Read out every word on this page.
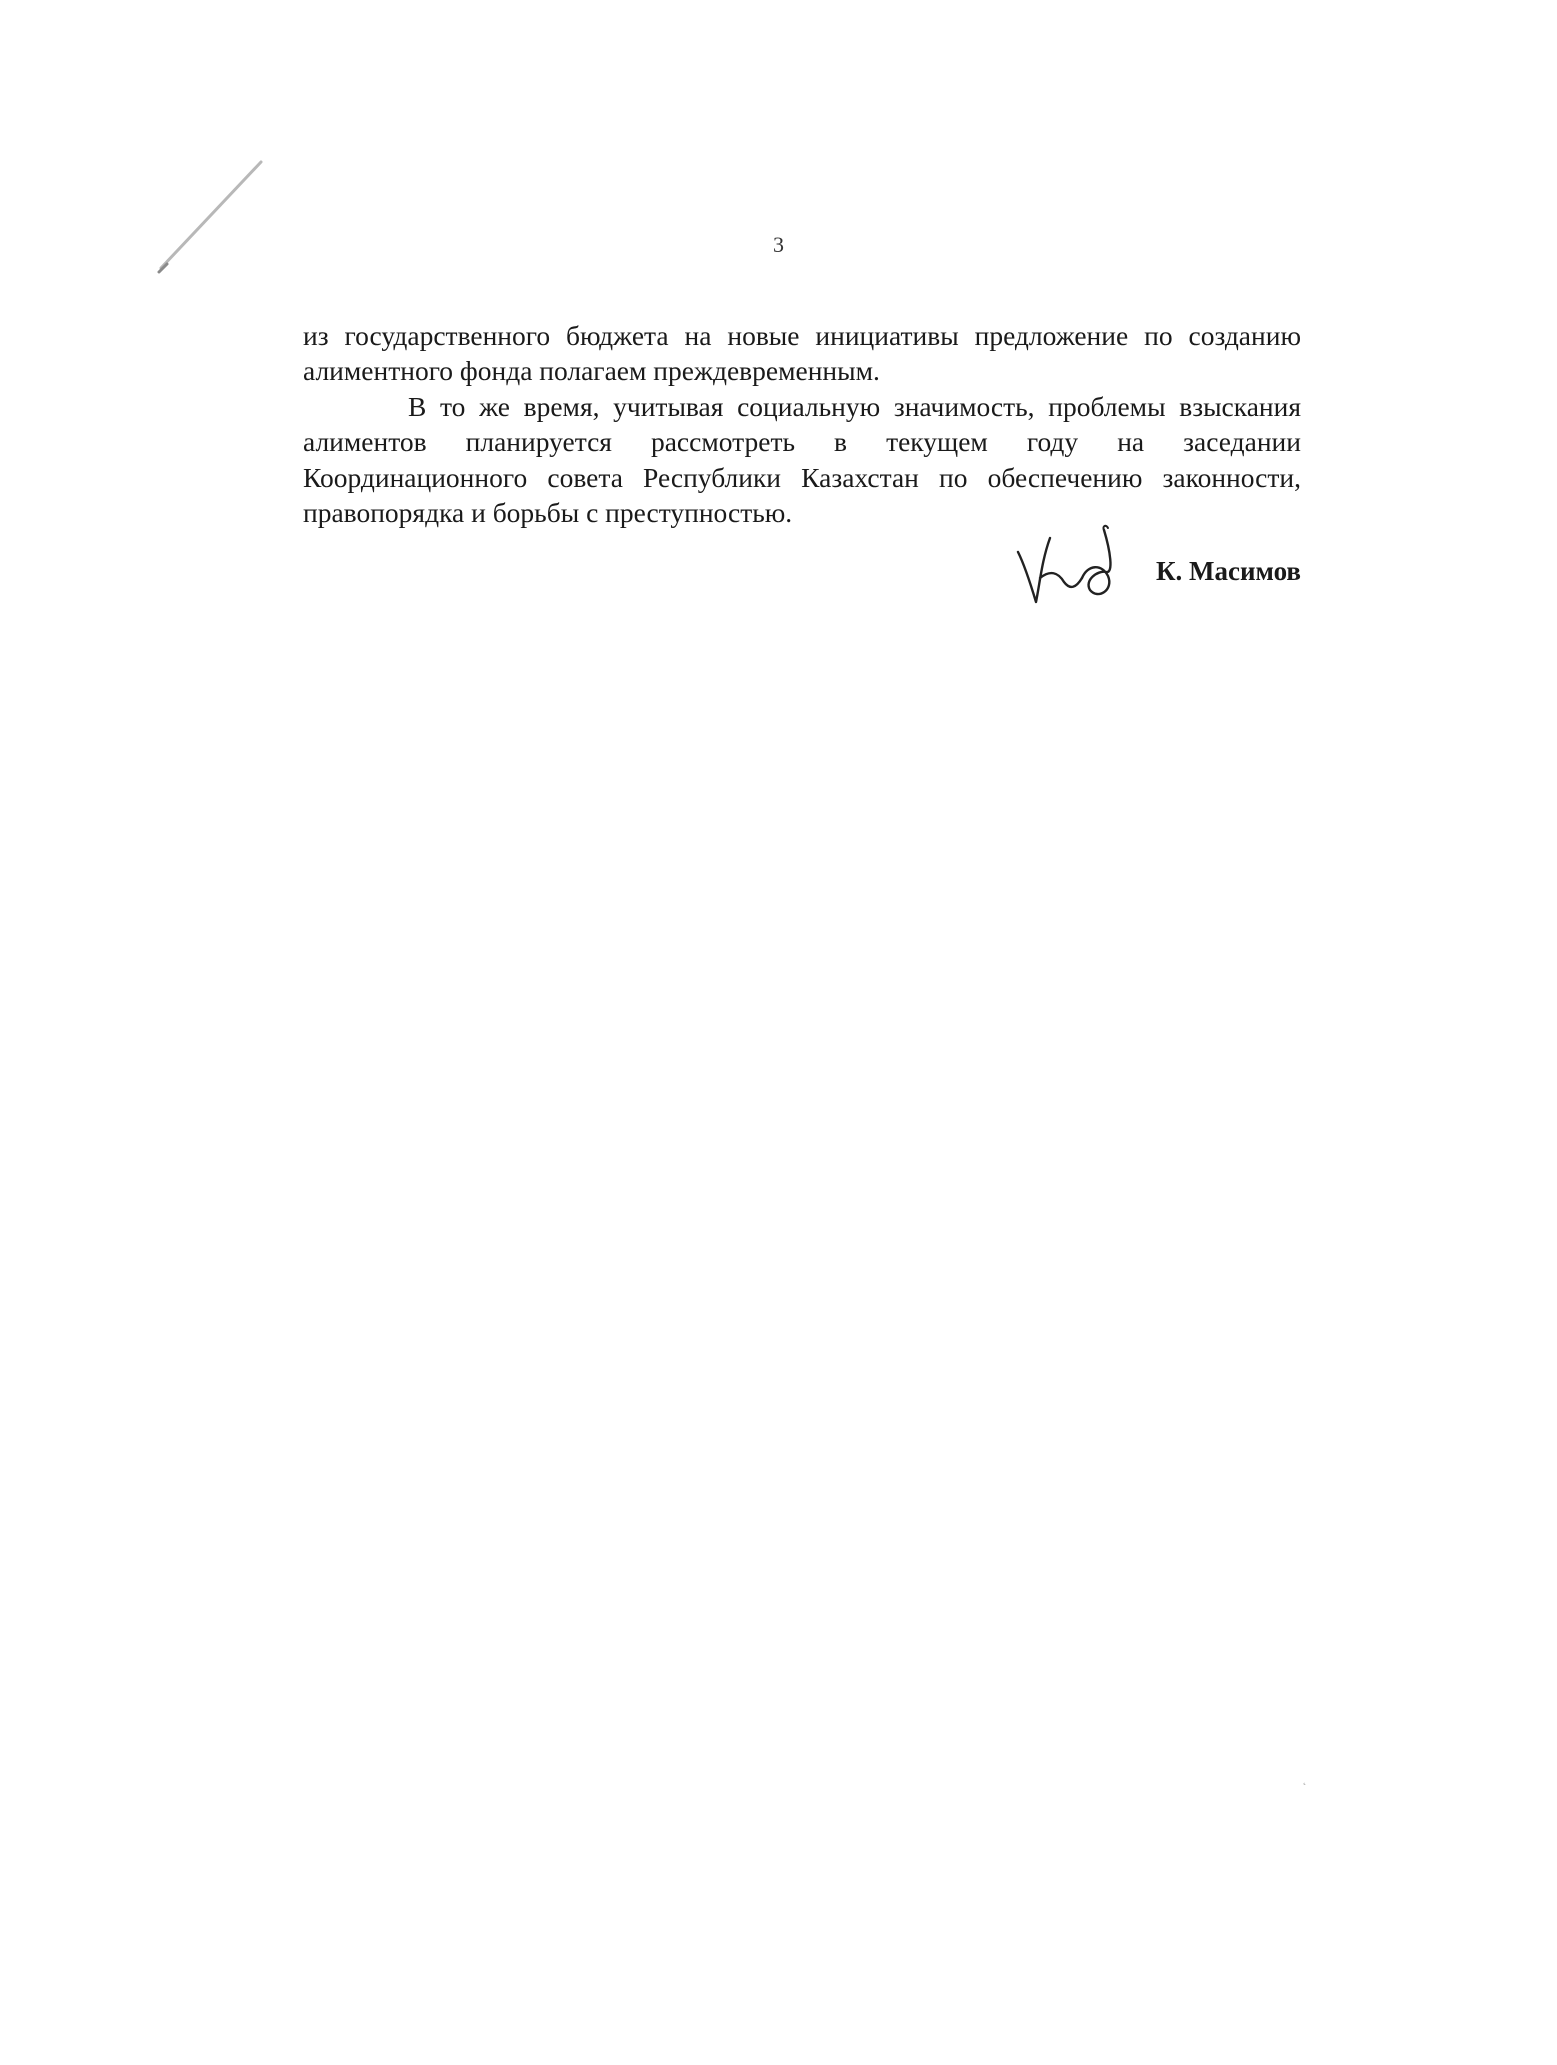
3

из государственного бюджета на новые инициативы предложение по созданию алиментного фонда полагаем преждевременным.

В то же время, учитывая социальную значимость, проблемы взыскания алиментов планируется рассмотреть в текущем году на заседании Координационного совета Республики Казахстан по обеспечению законности, правопорядка и борьбы с преступностью.

К. Масимов
˛
